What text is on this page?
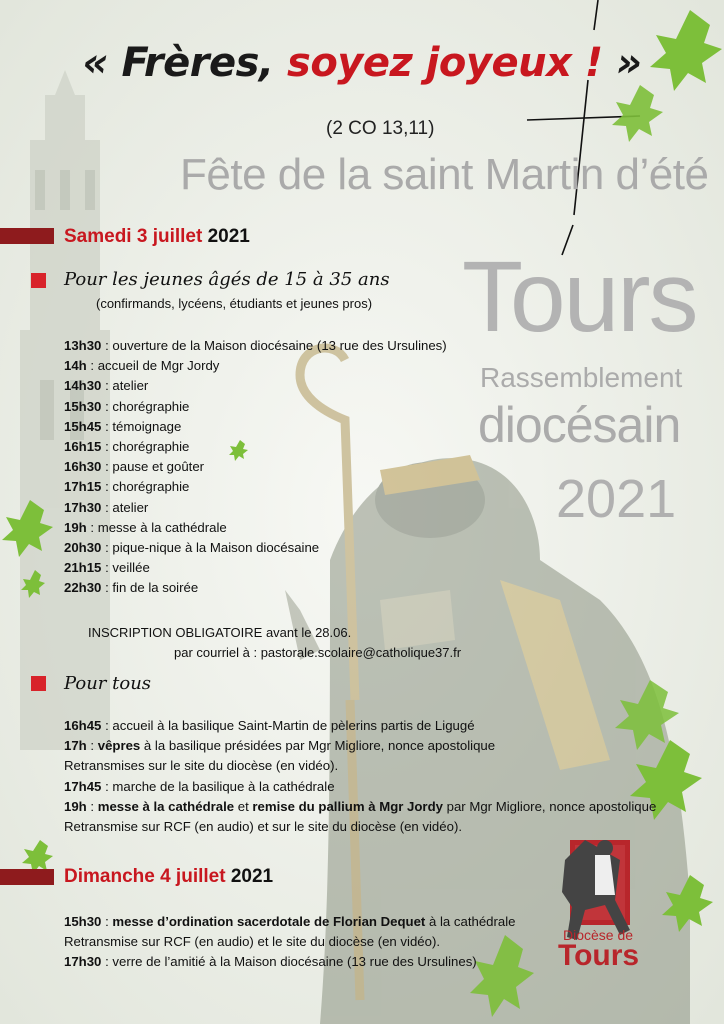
« Frères, soyez joyeux ! »
(2 CO 13,11)
Fête de la saint Martin d’été
Tours
Rassemblement
diocésain
2021
Samedi 3 juillet 2021
Pour les jeunes âgés de 15 à 35 ans
(confirmands, lycéens, étudiants et jeunes pros)
13h30 : ouverture de la Maison diocésaine (13 rue des Ursulines)
14h : accueil de Mgr Jordy
14h30 : atelier
15h30 : chorégraphie
15h45 : témoignage
16h15 : chorégraphie
16h30 : pause et goûter
17h15 : chorégraphie
17h30 : atelier
19h : messe à la cathédrale
20h30 : pique-nique à la Maison diocésaine
21h15 : veillée
22h30 : fin de la soirée
INSCRIPTION OBLIGATOIRE avant le 28.06.
par courriel à : pastorale.scolaire@catholique37.fr
Pour tous
16h45 : accueil à la basilique Saint-Martin de pèlerins partis de Ligugé
17h : vêpres à la basilique présidées par Mgr Migliore, nonce apostolique
Retransmises sur le site du diocèse (en vidéo).
17h45 : marche de la basilique à la cathédrale
19h : messe à la cathédrale et remise du pallium à Mgr Jordy par Mgr Migliore, nonce apostolique
Retransmise sur RCF (en audio) et sur le site du diocèse (en vidéo).
Dimanche 4 juillet 2021
15h30 : messe d’ordination sacerdotale de Florian Dequet à la cathédrale
Retransmise sur RCF (en audio) et le site du diocèse (en vidéo).
17h30 : verre de l’amitié à la Maison diocésaine (13 rue des Ursulines)
Diocèse de
Tours
